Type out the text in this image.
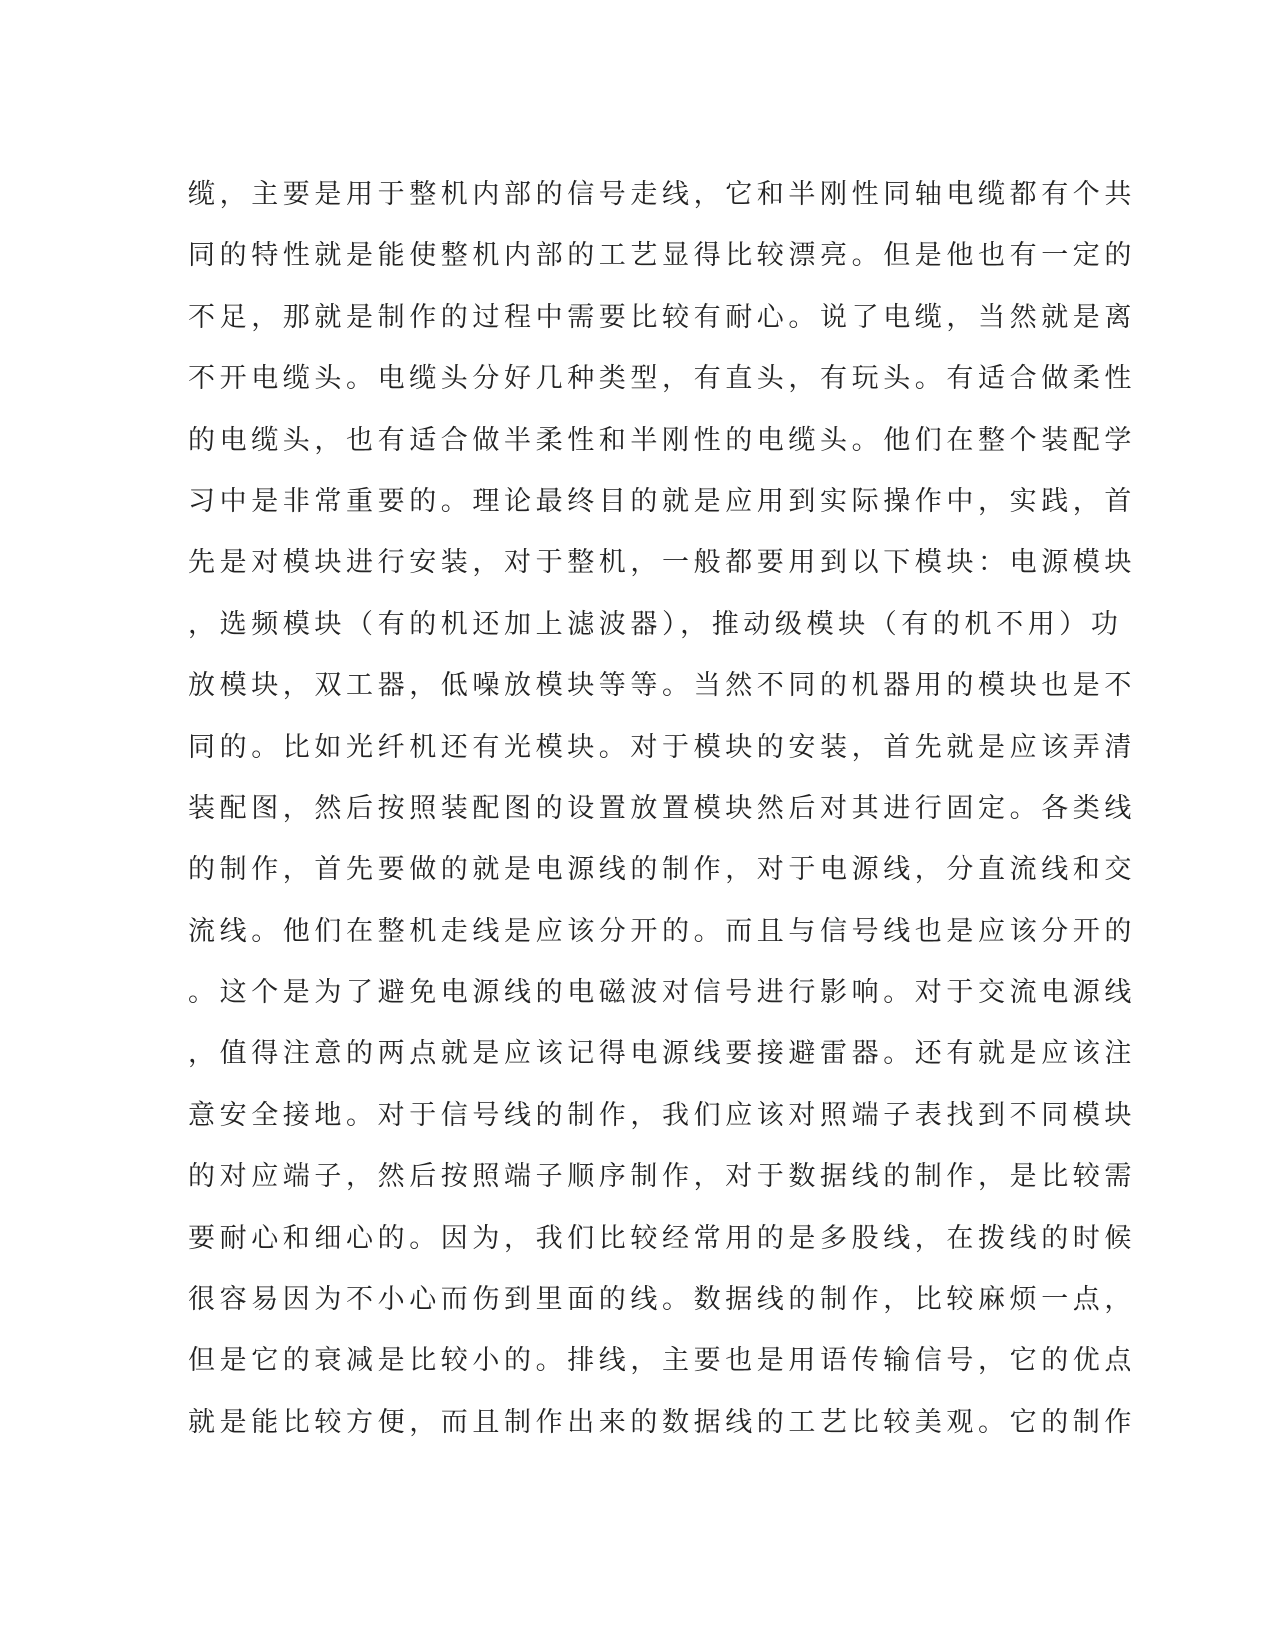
缆，主要是用于整机内部的信号走线，它和半刚性同轴电缆都有个共
同的特性就是能使整机内部的工艺显得比较漂亮。但是他也有一定的
不足，那就是制作的过程中需要比较有耐心。说了电缆，当然就是离
不开电缆头。电缆头分好几种类型，有直头，有玩头。有适合做柔性
的电缆头，也有适合做半柔性和半刚性的电缆头。他们在整个装配学
习中是非常重要的。理论最终目的就是应用到实际操作中，实践，首
先是对模块进行安装，对于整机，一般都要用到以下模块：电源模块
，选频模块（有的机还加上滤波器），推动级模块（有的机不用）功
放模块，双工器，低噪放模块等等。当然不同的机器用的模块也是不
同的。比如光纤机还有光模块。对于模块的安装，首先就是应该弄清
装配图，然后按照装配图的设置放置模块然后对其进行固定。各类线
的制作，首先要做的就是电源线的制作，对于电源线，分直流线和交
流线。他们在整机走线是应该分开的。而且与信号线也是应该分开的
。这个是为了避免电源线的电磁波对信号进行影响。对于交流电源线
，值得注意的两点就是应该记得电源线要接避雷器。还有就是应该注
意安全接地。对于信号线的制作，我们应该对照端子表找到不同模块
的对应端子，然后按照端子顺序制作，对于数据线的制作，是比较需
要耐心和细心的。因为，我们比较经常用的是多股线，在拨线的时候
很容易因为不小心而伤到里面的线。数据线的制作，比较麻烦一点，
但是它的衰减是比较小的。排线，主要也是用语传输信号，它的优点
就是能比较方便，而且制作出来的数据线的工艺比较美观。它的制作
